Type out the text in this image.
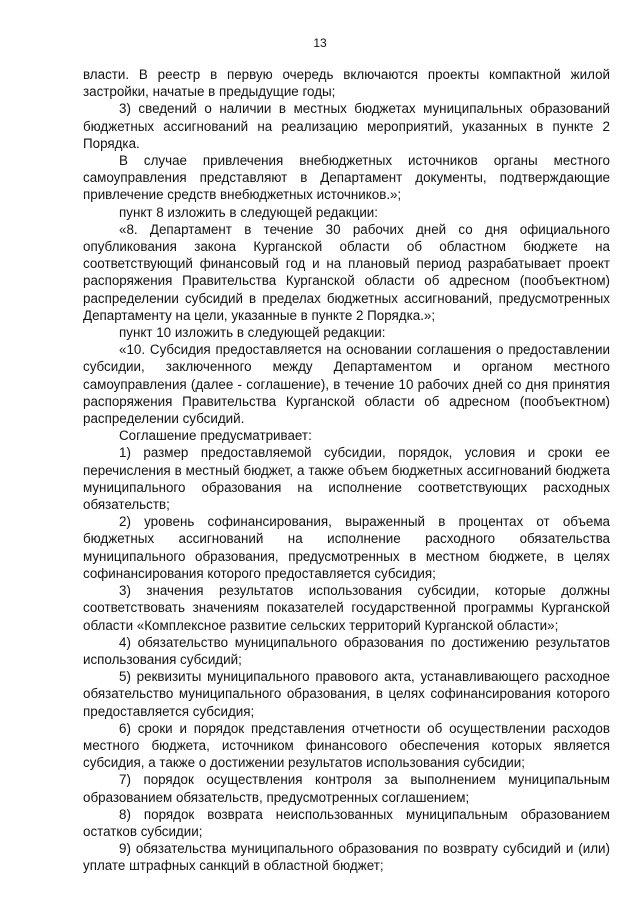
13

власти. В реестр в первую очередь включаются проекты компактной жилой застройки, начатые в предыдущие годы;

3) сведений о наличии в местных бюджетах муниципальных образований бюджетных ассигнований на реализацию мероприятий, указанных в пункте 2 Порядка.

В случае привлечения внебюджетных источников органы местного самоуправления представляют в Департамент документы, подтверждающие привлечение средств внебюджетных источников.»;

пункт 8 изложить в следующей редакции:

«8. Департамент в течение 30 рабочих дней со дня официального опубликования закона Курганской области об областном бюджете на соответствующий финансовый год и на плановый период разрабатывает проект распоряжения Правительства Курганской области об адресном (пообъектном) распределении субсидий в пределах бюджетных ассигнований, предусмотренных Департаменту на цели, указанные в пункте 2 Порядка.»;

пункт 10 изложить в следующей редакции:

«10. Субсидия предоставляется на основании соглашения о предоставлении субсидии, заключенного между Департаментом и органом местного самоуправления (далее - соглашение), в течение 10 рабочих дней со дня принятия распоряжения Правительства Курганской области об адресном (пообъектном) распределении субсидий.

Соглашение предусматривает:

1) размер предоставляемой субсидии, порядок, условия и сроки ее перечисления в местный бюджет, а также объем бюджетных ассигнований бюджета муниципального образования на исполнение соответствующих расходных обязательств;

2) уровень софинансирования, выраженный в процентах от объема бюджетных ассигнований на исполнение расходного обязательства муниципального образования, предусмотренных в местном бюджете, в целях софинансирования которого предоставляется субсидия;

3) значения результатов использования субсидии, которые должны соответствовать значениям показателей государственной программы Курганской области «Комплексное развитие сельских территорий Курганской области»;

4) обязательство муниципального образования по достижению результатов использования субсидий;

5) реквизиты муниципального правового акта, устанавливающего расходное обязательство муниципального образования, в целях софинансирования которого предоставляется субсидия;

6) сроки и порядок представления отчетности об осуществлении расходов местного бюджета, источником финансового обеспечения которых является субсидия, а также о достижении результатов использования субсидии;

7) порядок осуществления контроля за выполнением муниципальным образованием обязательств, предусмотренных соглашением;

8) порядок возврата неиспользованных муниципальным образованием остатков субсидии;

9) обязательства муниципального образования по возврату субсидий и (или) уплате штрафных санкций в областной бюджет;
